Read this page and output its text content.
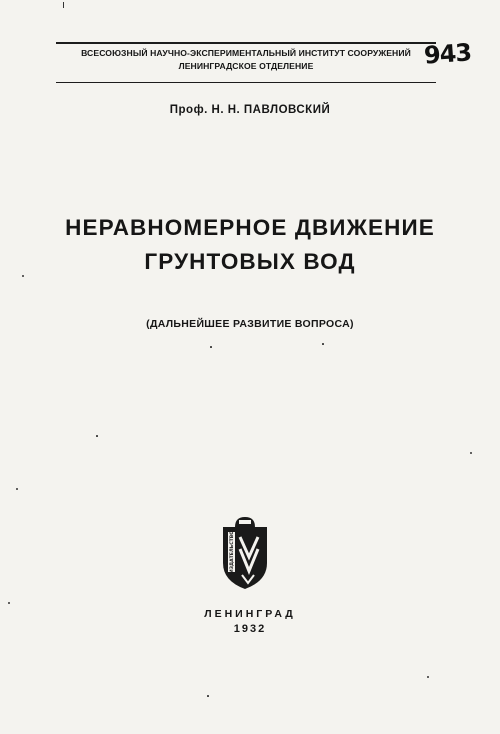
ВСЕСОЮЗНЫЙ НАУЧНО-ЭКСПЕРИМЕНТАЛЬНЫЙ ИНСТИТУТ СООРУЖЕНИЙ
ЛЕНИНГРАДСКОЕ ОТДЕЛЕНИЕ	943
Проф. Н. Н. ПАВЛОВСКИЙ
НЕРАВНОМЕРНОЕ ДВИЖЕНИЕ
ГРУНТОВЫХ ВОД
(ДАЛЬНЕЙШЕЕ РАЗВИТИЕ ВОПРОСА)
ИЗДАТЕЛЬСТВО
ЛЕНИНГРАД
1932
